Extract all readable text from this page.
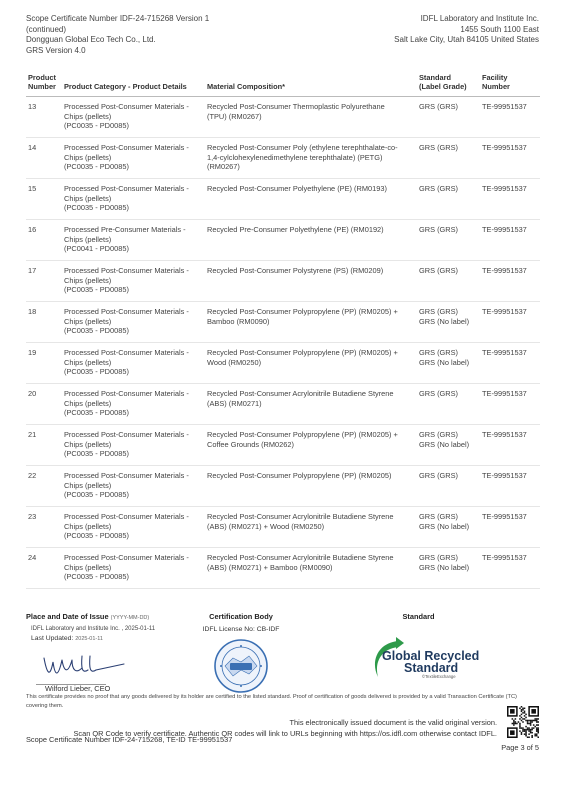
Scope Certificate Number IDF-24-715268 Version 1
(continued)
Dongguan Global Eco Tech Co., Ltd.
GRS Version 4.0
IDFL Laboratory and Institute Inc.
1455 South 1100 East
Salt Lake City, Utah 84105 United States
Product
Number	Product Category - Product Details	Material Composition*	Standard
(Label Grade)	Facility
Number
13	Processed Post-Consumer Materials -
Chips (pellets)
(PC0035 - PD0085)	Recycled Post-Consumer Thermoplastic Polyurethane
(TPU) (RM0267)	GRS (GRS)	TE-99951537
14	Processed Post-Consumer Materials -
Chips (pellets)
(PC0035 - PD0085)	Recycled Post-Consumer Poly (ethylene terephthalate-co-
1,4-cylclohexylenedimethylene terephthalate) (PETG)
(RM0267)	GRS (GRS)	TE-99951537
15	Processed Post-Consumer Materials -
Chips (pellets)
(PC0035 - PD0085)	Recycled Post-Consumer Polyethylene (PE) (RM0193)	GRS (GRS)	TE-99951537
16	Processed Pre-Consumer Materials -
Chips (pellets)
(PC0041 - PD0085)	Recycled Pre-Consumer Polyethylene (PE) (RM0192)	GRS (GRS)	TE-99951537
17	Processed Post-Consumer Materials -
Chips (pellets)
(PC0035 - PD0085)	Recycled Post-Consumer Polystyrene (PS) (RM0209)	GRS (GRS)	TE-99951537
18	Processed Post-Consumer Materials -
Chips (pellets)
(PC0035 - PD0085)	Recycled Post-Consumer Polypropylene (PP) (RM0205) +
Bamboo (RM0090)	GRS (GRS)
GRS (No label)	TE-99951537
19	Processed Post-Consumer Materials -
Chips (pellets)
(PC0035 - PD0085)	Recycled Post-Consumer Polypropylene (PP) (RM0205) +
Wood (RM0250)	GRS (GRS)
GRS (No label)	TE-99951537
20	Processed Post-Consumer Materials -
Chips (pellets)
(PC0035 - PD0085)	Recycled Post-Consumer Acrylonitrile Butadiene Styrene
(ABS) (RM0271)	GRS (GRS)	TE-99951537
21	Processed Post-Consumer Materials -
Chips (pellets)
(PC0035 - PD0085)	Recycled Post-Consumer Polypropylene (PP) (RM0205) +
Coffee Grounds (RM0262)	GRS (GRS)
GRS (No label)	TE-99951537
22	Processed Post-Consumer Materials -
Chips (pellets)
(PC0035 - PD0085)	Recycled Post-Consumer Polypropylene (PP) (RM0205)	GRS (GRS)	TE-99951537
23	Processed Post-Consumer Materials -
Chips (pellets)
(PC0035 - PD0085)	Recycled Post-Consumer Acrylonitrile Butadiene Styrene
(ABS) (RM0271) + Wood (RM0250)	GRS (GRS)
GRS (No label)	TE-99951537
24	Processed Post-Consumer Materials -
Chips (pellets)
(PC0035 - PD0085)	Recycled Post-Consumer Acrylonitrile Butadiene Styrene
(ABS) (RM0271) + Bamboo (RM0090)	GRS (GRS)
GRS (No label)	TE-99951537
Place and Date of Issue (YYYY-MM-DD)
IDFL Laboratory and Institute Inc. , 2025-01-11
Last Updated: 2025-01-11
Wilford Lieber, CEO
Certification Body
IDFL License No: CB-IDF
Standard
Global Recycled
Standard
©TextileExchange
This certificate provides no proof that any goods delivered by its holder are certified to the listed standard. Proof of certification of goods delivered is provided by a valid Transaction Certificate (TC) covering them.
This electronically issued document is the valid original version.
Scan QR Code to verify certificate. Authentic QR codes will link to URLs beginning with https://os.idfl.com otherwise contact IDFL.
Scope Certificate Number IDF-24-715268, TE-ID TE-99951537
Page 3 of 5
